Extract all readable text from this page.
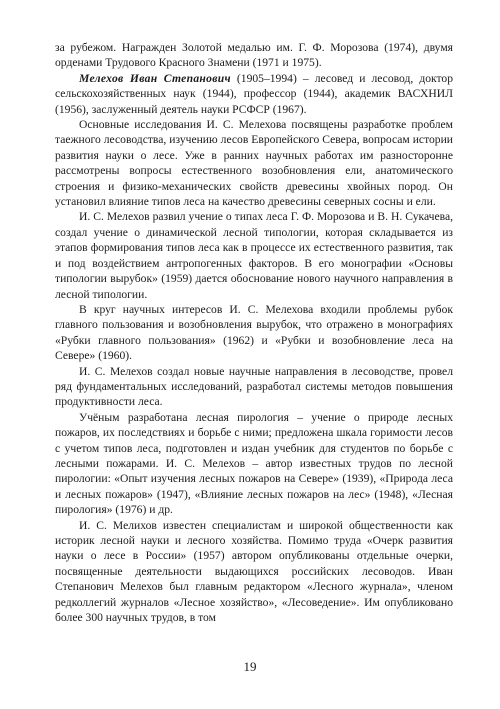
за рубежом. Награжден Золотой медалью им. Г. Ф. Морозова (1974), двумя орденами Трудового Красного Знамени (1971 и 1975).

Мелехов Иван Степанович (1905–1994) – лесовед и лесовод, доктор сельскохозяйственных наук (1944), профессор (1944), академик ВАСХНИЛ (1956), заслуженный деятель науки РСФСР (1967).

Основные исследования И. С. Мелехова посвящены разработке проблем таежного лесоводства, изучению лесов Европейского Севера, вопросам истории развития науки о лесе. Уже в ранних научных работах им разносторонне рассмотрены вопросы естественного возобновления ели, анатомического строения и физико-механических свойств древесины хвойных пород. Он установил влияние типов леса на качество древесины северных сосны и ели.

И. С. Мелехов развил учение о типах леса Г. Ф. Морозова и В. Н. Сукачева, создал учение о динамической лесной типологии, которая складывается из этапов формирования типов леса как в процессе их естественного развития, так и под воздействием антропогенных факторов. В его монографии «Основы типологии вырубок» (1959) дается обоснование нового научного направления в лесной типологии.

В круг научных интересов И. С. Мелехова входили проблемы рубок главного пользования и возобновления вырубок, что отражено в монографиях «Рубки главного пользования» (1962) и «Рубки и возобновление леса на Севере» (1960).

И. С. Мелехов создал новые научные направления в лесоводстве, провел ряд фундаментальных исследований, разработал системы методов повышения продуктивности леса.

Учёным разработана лесная пирология – учение о природе лесных пожаров, их последствиях и борьбе с ними; предложена шкала горимости лесов с учетом типов леса, подготовлен и издан учебник для студентов по борьбе с лесными пожарами. И. С. Мелехов – автор известных трудов по лесной пирологии: «Опыт изучения лесных пожаров на Севере» (1939), «Природа леса и лесных пожаров» (1947), «Влияние лесных пожаров на лес» (1948), «Лесная пирология» (1976) и др.

И. С. Мелихов известен специалистам и широкой общественности как историк лесной науки и лесного хозяйства. Помимо труда «Очерк развития науки о лесе в России» (1957) автором опубликованы отдельные очерки, посвященные деятельности выдающихся российских лесоводов. Иван Степанович Мелехов был главным редактором «Лесного журнала», членом редколлегий журналов «Лесное хозяйство», «Лесоведение». Им опубликовано более 300 научных трудов, в том

19
